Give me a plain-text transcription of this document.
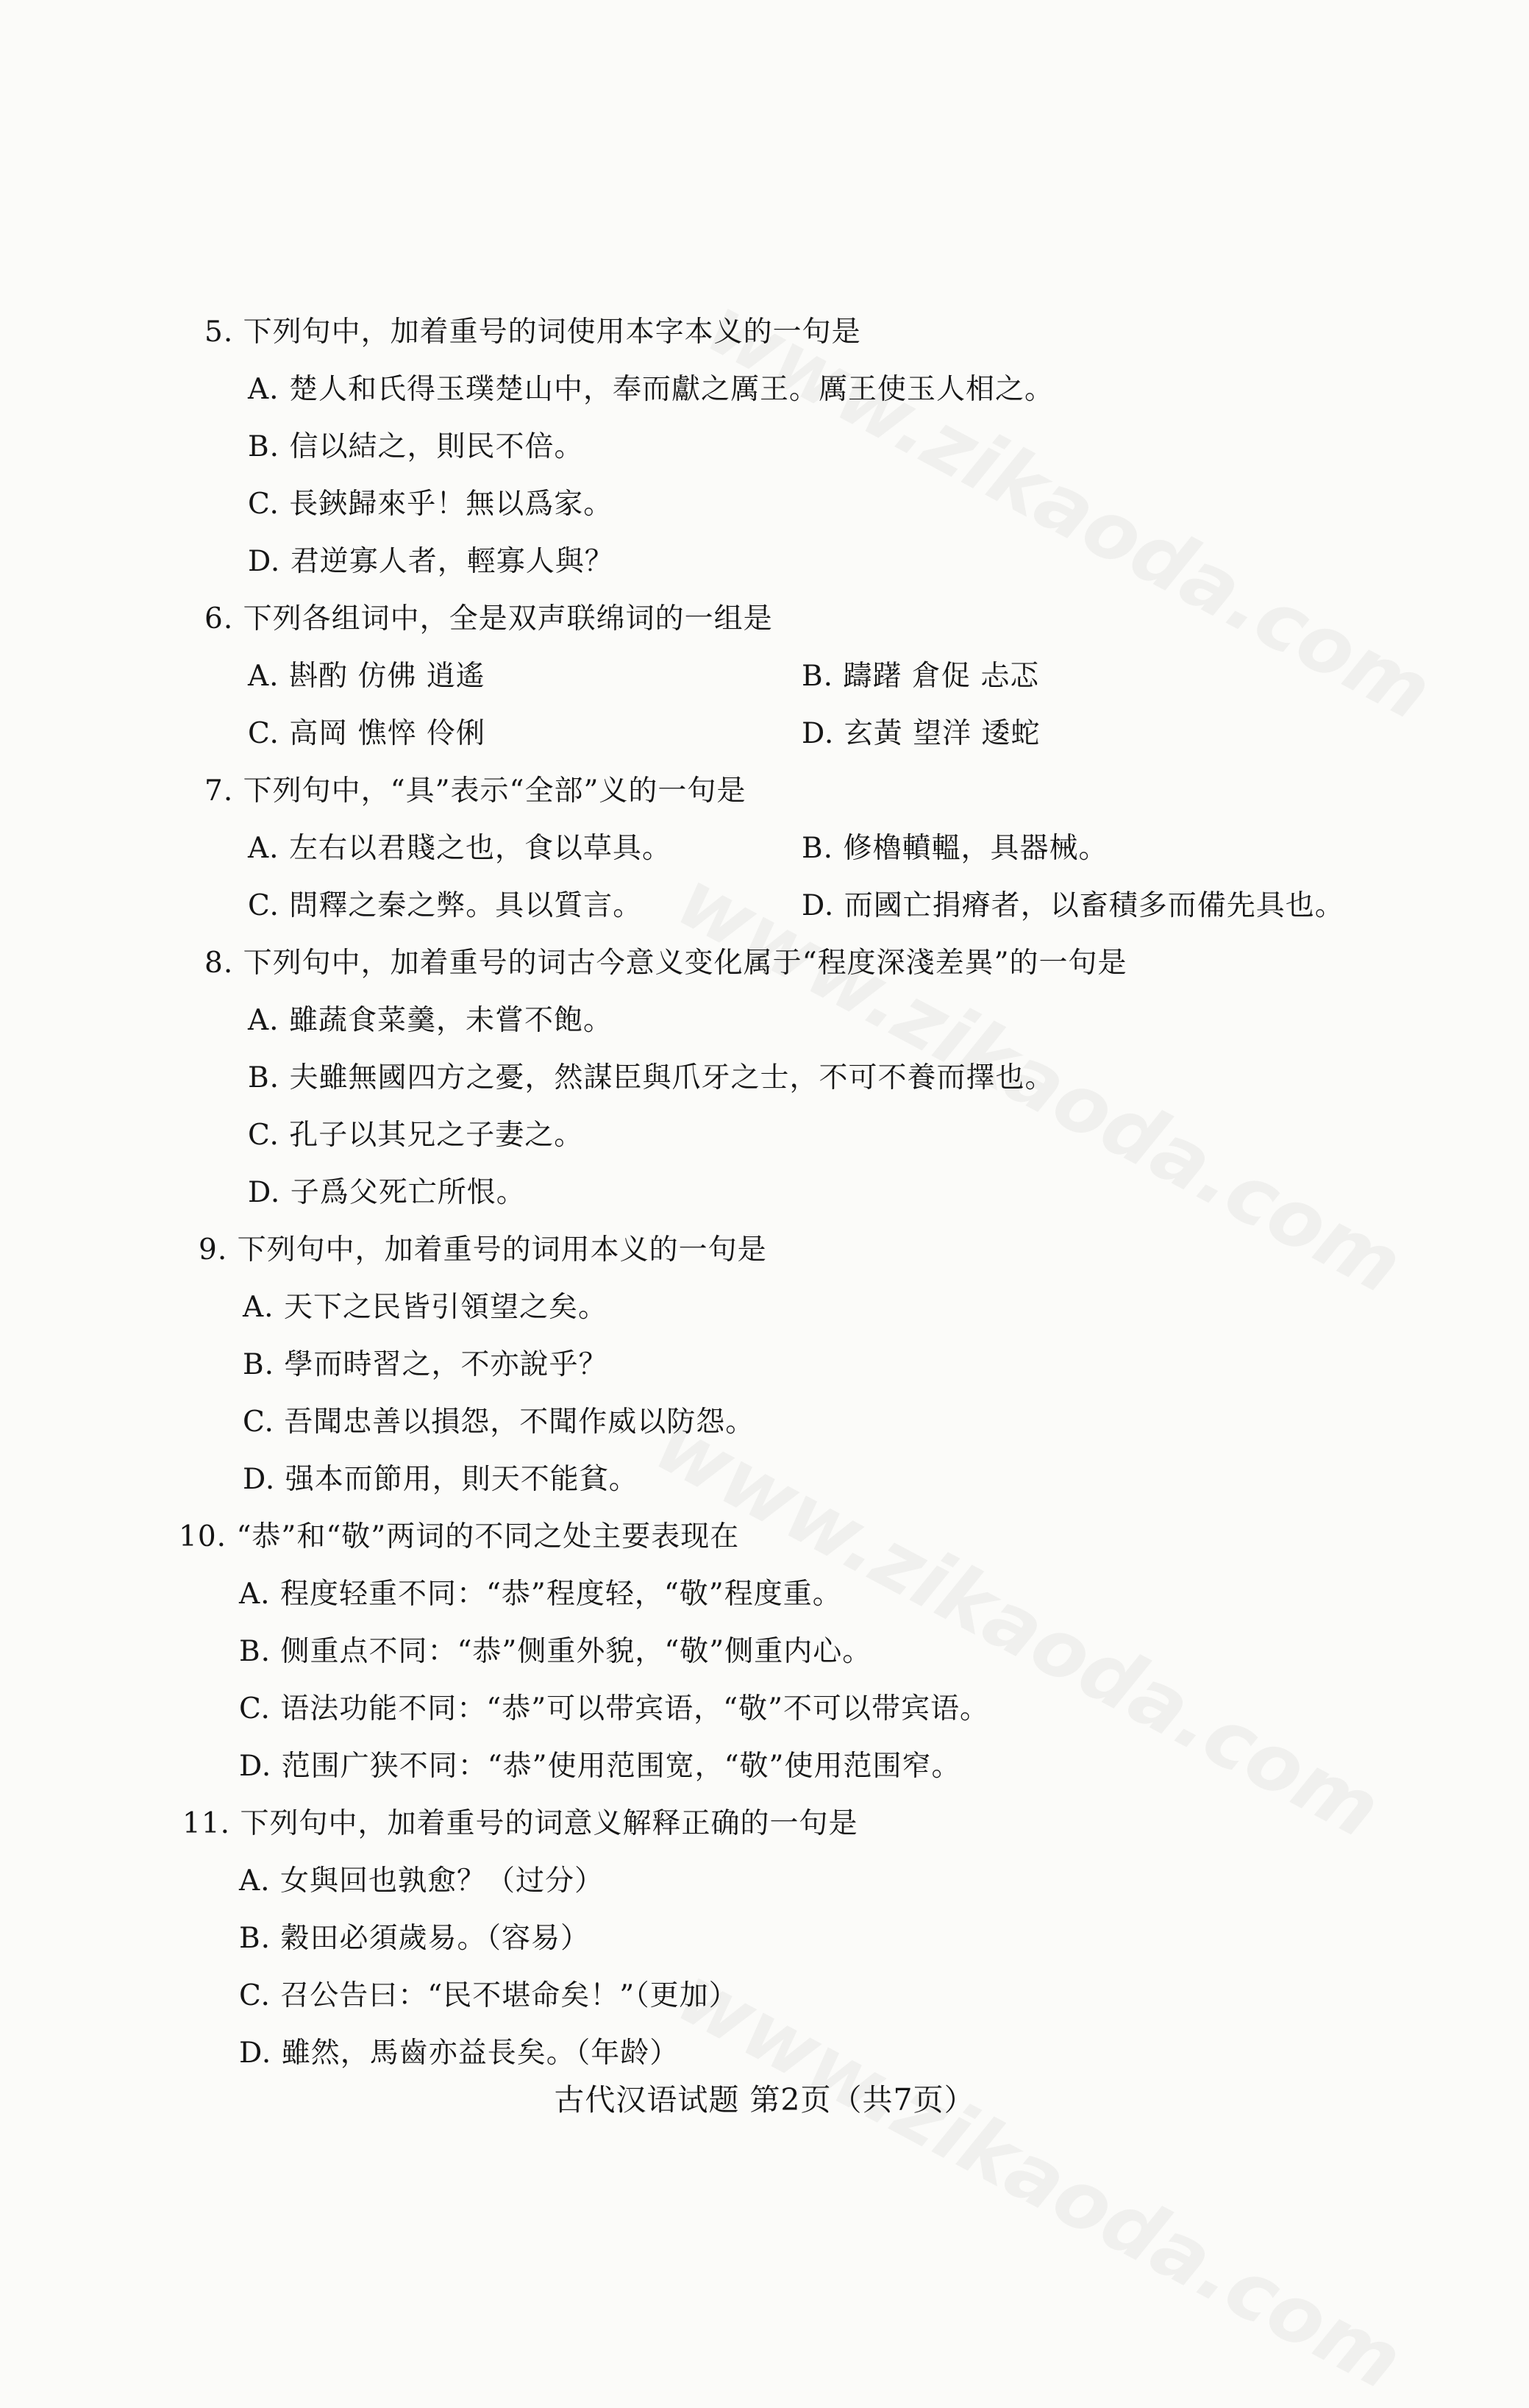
5. 下列句中，加着重号的词使用本字本义的一句是
A. 楚人和氏得玉璞楚山中，奉而獻之厲王。厲王使玉人相之。
B. 信以結之，則民不倍。
C. 長鋏歸來乎！無以爲家。
D. 君逆寡人者，輕寡人與？
6. 下列各组词中，全是双声联绵词的一组是
A. 斟酌 仿佛 逍遙	B. 躊躇 倉促 忐忑
C. 高岡 憔悴 伶俐	D. 玄黃 望洋 逶蛇
7. 下列句中，“具”表示“全部”义的一句是
A. 左右以君賤之也，食以草具。	B. 修櫓轒轀，具器械。
C. 問釋之秦之弊。具以質言。	D. 而國亡捐瘠者，以畜積多而備先具也。
8. 下列句中，加着重号的词古今意义变化属于“程度深淺差異”的一句是
A. 雖蔬食菜羹，未嘗不飽。
B. 夫雖無國四方之憂，然謀臣與爪牙之士，不可不養而擇也。
C. 孔子以其兄之子妻之。
D. 子爲父死亡所恨。
9. 下列句中，加着重号的词用本义的一句是
A. 天下之民皆引領望之矣。
B. 學而時習之，不亦說乎？
C. 吾聞忠善以損怨，不聞作威以防怨。
D. 强本而節用，則天不能貧。
10. “恭”和“敬”两词的不同之处主要表现在
A. 程度轻重不同：“恭”程度轻，“敬”程度重。
B. 侧重点不同：“恭”侧重外貌，“敬”侧重内心。
C. 语法功能不同：“恭”可以带宾语，“敬”不可以带宾语。
D. 范围广狭不同：“恭”使用范围宽，“敬”使用范围窄。
11. 下列句中，加着重号的词意义解释正确的一句是
A. 女與回也孰愈？（过分）
B. 穀田必須歲易。（容易）
C. 召公告曰：“民不堪命矣！”（更加）
D. 雖然，馬齒亦益長矣。（年龄）
古代汉语试题 第2页（共7页）
